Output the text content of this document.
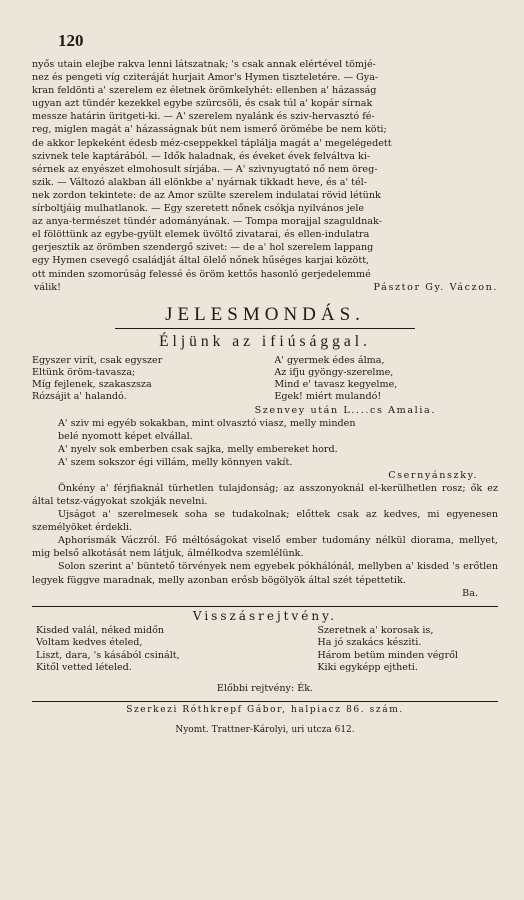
120

nyős utain elejbe rakva lenni látszatnak; 's csak annak elértével tömjé-

nez és pengeti víg cziteráját hurjait Amor's Hymen tiszteletére. — Gya-

kran feldönti a' szerelem ez életnek örömkelyhét: ellenben a' házasság

ugyan azt tündér kezekkel egybe szürcsöli, és csak túl a' kopár sírnak

messze határin üritgeti-ki. — A' szerelem nyalánk és sziv-hervasztó fé-

reg, miglen magát a' házasságnak bút nem ismerő örömébe be nem köti;

de akkor lepkeként édesb méz-cseppekkel táplálja magát a' megelégedett

szivnek tele kaptárából. — Idők haladnak, és éveket évek felváltva ki-

sérnek az enyészet elmohosult sírjába. — A' szivnyugtató nő nem öreg-

szik. — Változó alakban áll elönkbe a' nyárnak tikkadt heve, és a' tél-

nek zordon tekintete: de az Amor szülte szerelem indulatai rövid létünk

sírboltjáig mulhatlanok. — Egy szeretett nőnek csókja nyilvános jele

az anya-természet tündér adományának. — Tompa morajjal szaguldnak-

el fölöttünk az egybe-gyült elemek üvöltő zivatarai, és ellen-indulatra

gerjesztik az örömben szendergő szivet: — de a' hol szerelem lappang

egy Hymen csevegő családját által ölelő nőnek hűséges karjai között,

ott minden szomorúság felessé és öröm kettős hasonló gerjedelemmé

válik!	Pásztor Gy. Váczon.
JELESMONDÁS.
Éljünk az ifiúsággal.
Egyszer virít, csak egyszer
Eltünk öröm-tavasza;
Míg fejlenek, szakaszsza
Rózsájit a' halandó.
A' gyermek édes álma,
Az ifju gyöngy-szerelme,
Mind e' tavasz kegyelme,
Egek! miért mulandó!
Szenvey után L....cs Amalia.

A' sziv mi egyéb sokakban, mint olvasztó viasz, melly minden

belé nyomott képet elvállal.

A' nyelv sok emberben csak sajka, melly embereket hord.

A' szem sokszor égi villám, melly könnyen vakít.

Csernyánszky.

Önkény a' férjfiaknál türhetlen tulajdonság; az asszonyoknál el-kerülhetlen rosz; ők ez által tetsz-vágyokat szokják nevelni.

Ujságot a' szerelmesek soha se tudakolnak; előttek csak az kedves, mi egyenesen személyöket érdekli.

Aphorismák Váczról. Fő méltóságokat viselő ember tudomány nélkül diorama, mellyet, mig belső alkotását nem látjuk, álmélkodva szemlélünk.

Solon szerint a' büntető törvények nem egyebek pókhálónál, mellyben a' kisded 's erőtlen legyek függve maradnak, melly azonban erősb bögölyök által szét tépettetik.

Ba.
Visszásrejtvény.
Kisded valál, néked midőn
Voltam kedves ételed,
Liszt, dara, 's kásából csinált,
Kitől vetted lételed.
Szeretnek a' korosak is,
Ha jó szakács késziti.
Három betüm minden végről
Kiki egyképp ejtheti.
Előbbi rejtvény: Ék.
Szerkezi Róthkrepf Gábor, halpiacz 86. szám.
Nyomt. Trattner-Károlyi, uri utcza 612.
